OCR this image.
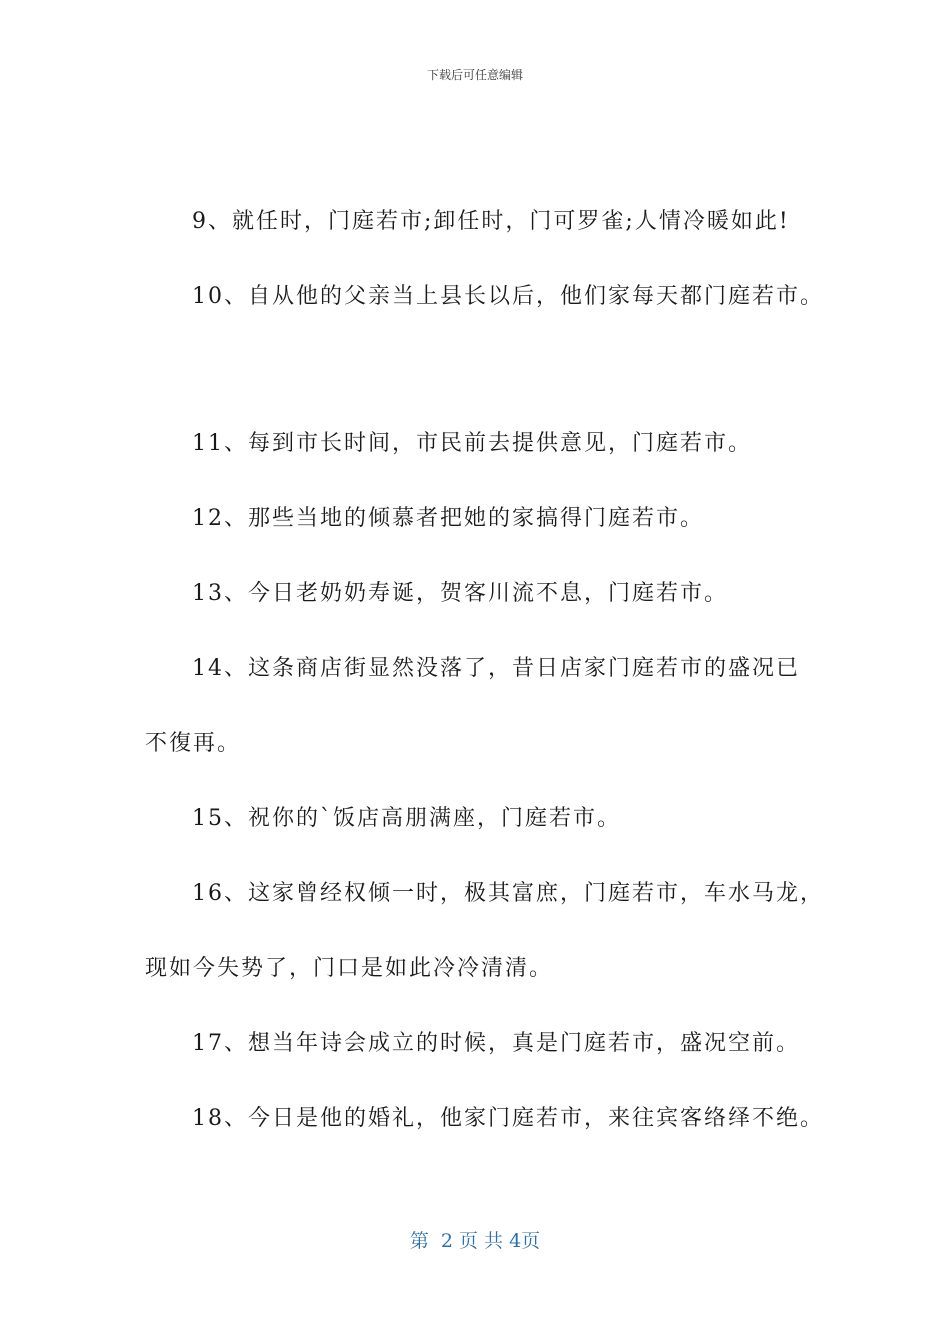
下载后可任意编辑
9、就任时，门庭若市;卸任时，门可罗雀;人情冷暖如此!
10、自从他的父亲当上县长以后，他们家每天都门庭若市。
11、每到市长时间，市民前去提供意见，门庭若市。
12、那些当地的倾慕者把她的家搞得门庭若市。
13、今日老奶奶寿诞，贺客川流不息，门庭若市。
14、这条商店街显然没落了，昔日店家门庭若市的盛况已
不復再。
15、祝你的`饭店高朋满座，门庭若市。
16、这家曾经权倾一时，极其富庶，门庭若市，车水马龙，
现如今失势了，门口是如此冷冷清清。
17、想当年诗会成立的时候，真是门庭若市，盛况空前。
18、今日是他的婚礼，他家门庭若市，来往宾客络绎不绝。
第  2 页 共 4页
